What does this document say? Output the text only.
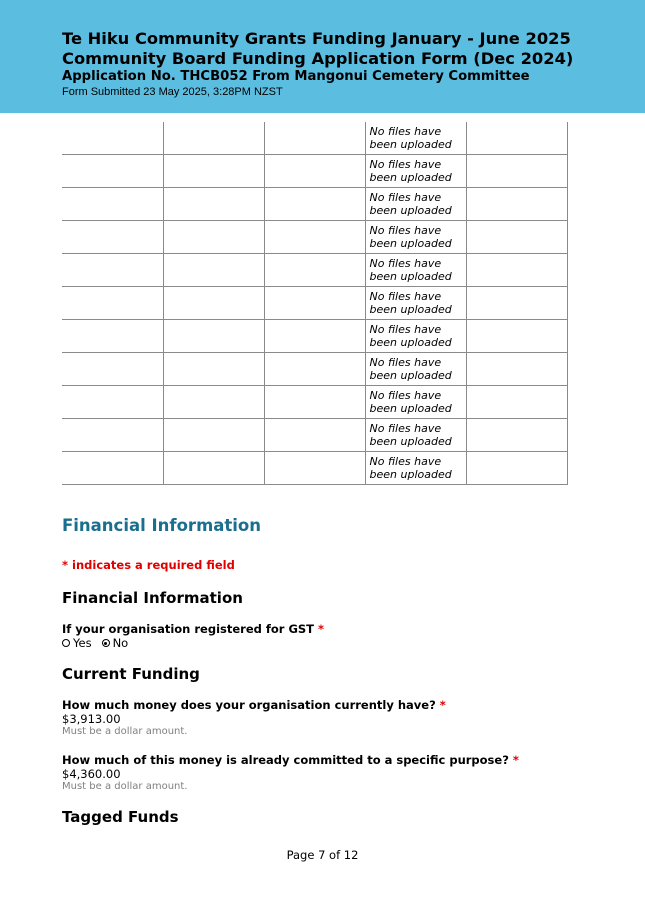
Te Hiku Community Grants Funding January - June 2025

Community Board Funding Application Form (Dec 2024)

Application No. THCB052 From Mangonui Cemetery Committee

Form Submitted 23 May 2025, 3:28PM NZST

			No files have been uploaded	
			No files have been uploaded	
			No files have been uploaded	
			No files have been uploaded	
			No files have been uploaded	
			No files have been uploaded	
			No files have been uploaded	
			No files have been uploaded	
			No files have been uploaded	
			No files have been uploaded	
			No files have been uploaded	
Financial Information
* indicates a required field
Financial Information
If your organisation registered for GST *
Yes No
Current Funding
How much money does your organisation currently have? *
$3,913.00
Must be a dollar amount.
How much of this money is already committed to a specific purpose? *
$4,360.00
Must be a dollar amount.
Tagged Funds
Page 7 of 12
